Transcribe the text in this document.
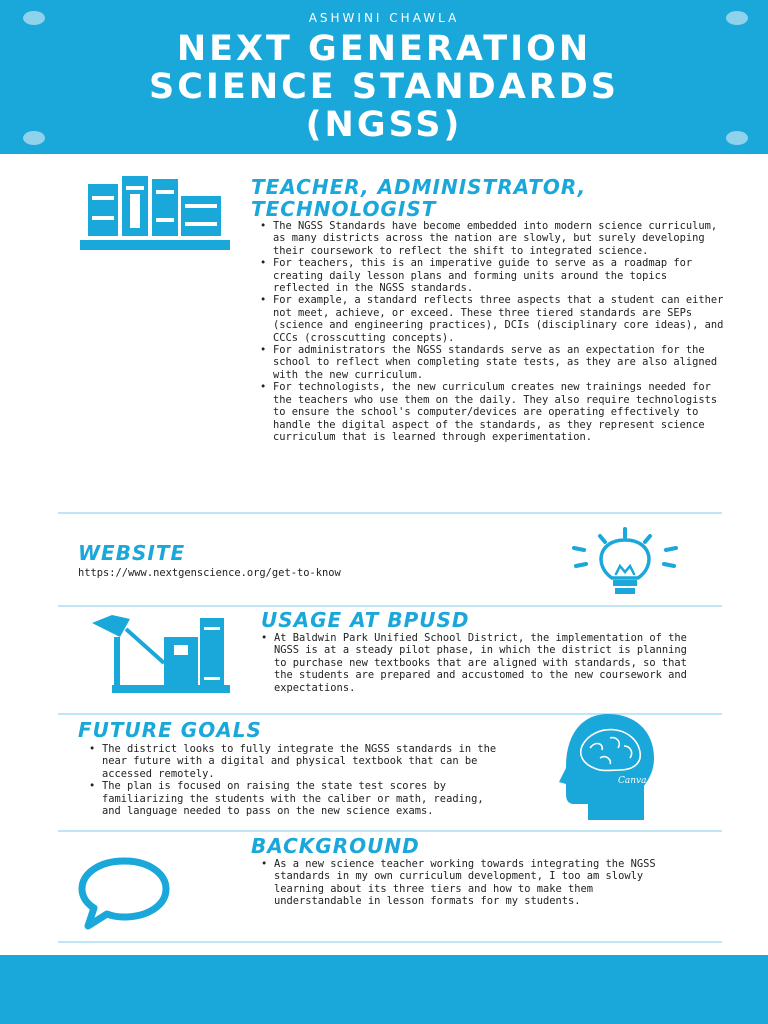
ASHWINI CHAWLA
NEXT GENERATION
SCIENCE STANDARDS
(NGSS)
TEACHER, ADMINISTRATOR,
TECHNOLOGIST
• The NGSS Standards have become embedded into modern science curriculum, as many districts across the nation are slowly, but surely developing their coursework to reflect the shift to integrated science.
• For teachers, this is an imperative guide to serve as a roadmap for creating daily lesson plans and forming units around the topics reflected in the NGSS standards.
• For example, a standard reflects three aspects that a student can either not meet, achieve, or exceed. These three tiered standards are SEPs (science and engineering practices), DCIs (disciplinary core ideas), and CCCs (crosscutting concepts).
• For administrators the NGSS standards serve as an expectation for the school to reflect when completing state tests, as they are also aligned with the new curriculum.
• For technologists, the new curriculum creates new trainings needed for the teachers who use them on the daily. They also require technologists to ensure the school's computer/devices are operating effectively to handle the digital aspect of the standards, as they represent science curriculum that is learned through experimentation.
WEBSITE
https://www.nextgenscience.org/get-to-know
USAGE AT BPUSD
• At Baldwin Park Unified School District, the implementation of the NGSS is at a steady pilot phase, in which the district is planning to purchase new textbooks that are aligned with standards, so that the students are prepared and accustomed to the new coursework and expectations.
FUTURE GOALS
• The district looks to fully integrate the NGSS standards in the near future with a digital and physical textbook that can be accessed remotely.
• The plan is focused on raising the state test scores by familiarizing the students with the caliber or math, reading, and language needed to pass on the new science exams.
Canva
BACKGROUND
• As a new science teacher working towards integrating the NGSS standards in my own curriculum development, I too am slowly learning about its three tiers and how to make them understandable in lesson formats for my students.
